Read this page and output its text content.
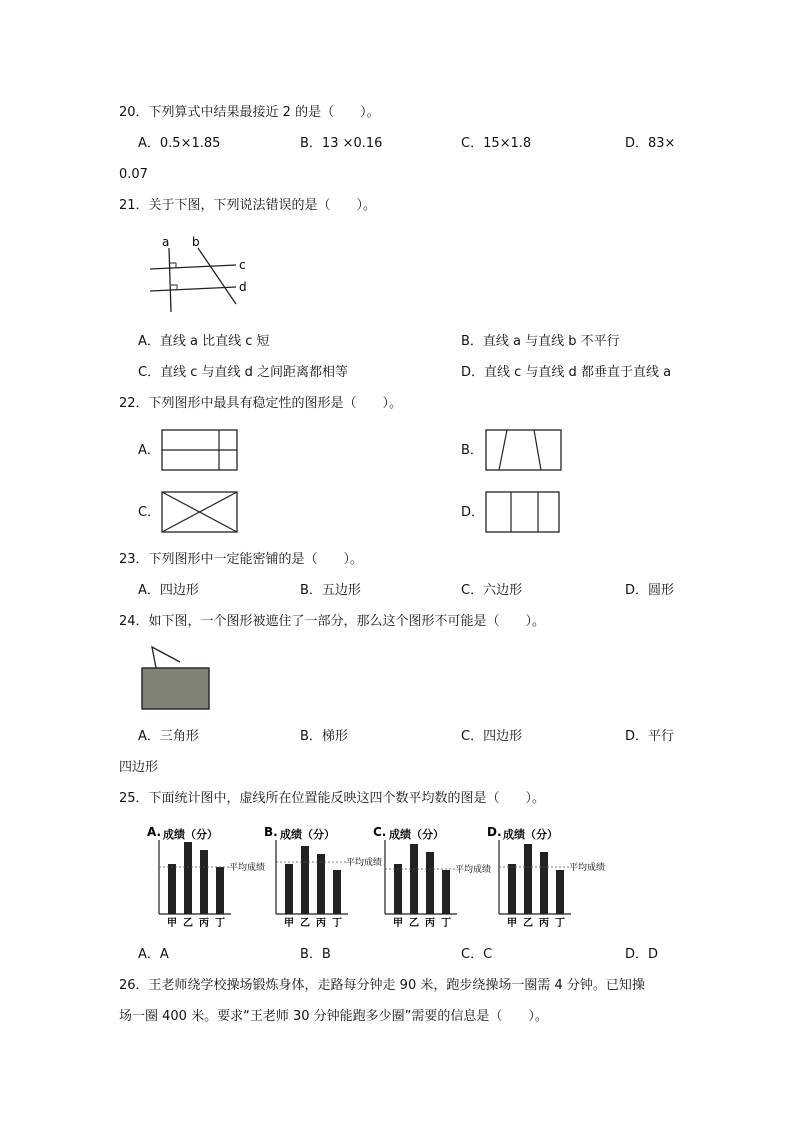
20．下列算式中结果最接近 2 的是（　　）。
A．0.5×1.85	B．13 ×0.16	C．15×1.8	D．83×
0.07
21．关于下图，下列说法错误的是（　　）。
a b
c
d
A．直线 a 比直线 c 短	B．直线 a 与直线 b 不平行
C．直线 c 与直线 d 之间距离都相等	D．直线 c 与直线 d 都垂直于直线 a
22．下列图形中最具有稳定性的图形是（　　）。
A．	B．
C．	D．
23．下列图形中一定能密铺的是（　　）。
A．四边形	B．五边形	C．六边形	D．圆形
24．如下图，一个图形被遮住了一部分，那么这个图形不可能是（　　）。
A．三角形	B．梯形	C．四边形	D．平行
四边形
25．下面统计图中，虚线所在位置能反映这四个数平均数的图是（　　）。
A. 成绩（分）
甲 乙 丙 丁
平均成绩
B. 成绩（分）
甲 乙 丙 丁
平均成绩
C. 成绩（分）
甲 乙 丙 丁
平均成绩
D. 成绩（分）
甲 乙 丙 丁
平均成绩
A．A	B．B	C．C	D．D
26．王老师绕学校操场锻炼身体，走路每分钟走 90 米，跑步绕操场一圈需 4 分钟。已知操
场一圈 400 米。要求“王老师 30 分钟能跑多少圈”需要的信息是（　　）。
